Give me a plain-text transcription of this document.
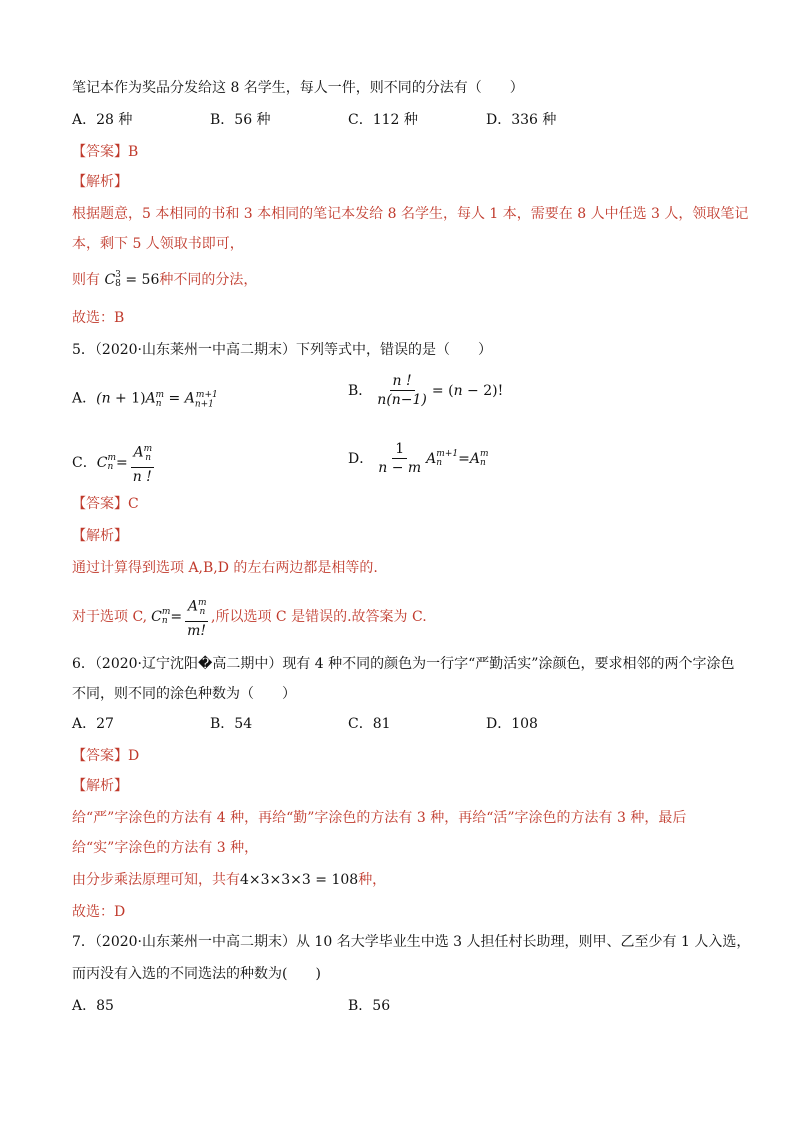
笔记本作为奖品分发给这 8 名学生，每人一件，则不同的分法有（　　）
A．28 种	B．56 种	C．112 种	D．336 种
【答案】B
【解析】
根据题意，5 本相同的书和 3 本相同的笔记本发给 8 名学生，每人 1 本，需要在 8 人中任选 3 人，领取笔记
本，剩下 5 人领取书即可，
则有 C 3
8 = 56种不同的分法，
故选：B
5．（2020·山东莱州一中高二期末）下列等式中，错误的是（　　）
A．$(n + 1)A_n^m = A_{n+1}^{m+1}$	B． $\frac{n !}{n(n-1)} = (n - 2)$!
C． C m
$n = \frac{A^m_n}{n !}$	D． $\frac{1}{n - m}$ A m+1
n	= A m
n
【答案】C
【解析】
通过计算得到选项 A,B,D 的左右两边都是相等的.
对于选项 C, C m
$n = \frac{A^m_n}{m!}$ ,所以选项 C 是错误的.故答案为 C.
6．（2020·辽宁沈阳�高二期中）现有 4 种不同的颜色为一行字“严勤活实”涂颜色，要求相邻的两个字涂色
不同，则不同的涂色种数为（　　）
A．27	B．54	C．81	D．108
【答案】D
【解析】
给“严”字涂色的方法有 4 种，再给“勤”字涂色的方法有 3 种，再给“活”字涂色的方法有 3 种，最后
给“实”字涂色的方法有 3 种，
由分步乘法原理可知，共有4×3×3×3 = 108种，
故选：D
7．（2020·山东莱州一中高二期末）从 10 名大学毕业生中选 3 人担任村长助理，则甲、乙至少有 1 人入选，
而丙没有入选的不同选法的种数为(　　)
A．85	B．56
